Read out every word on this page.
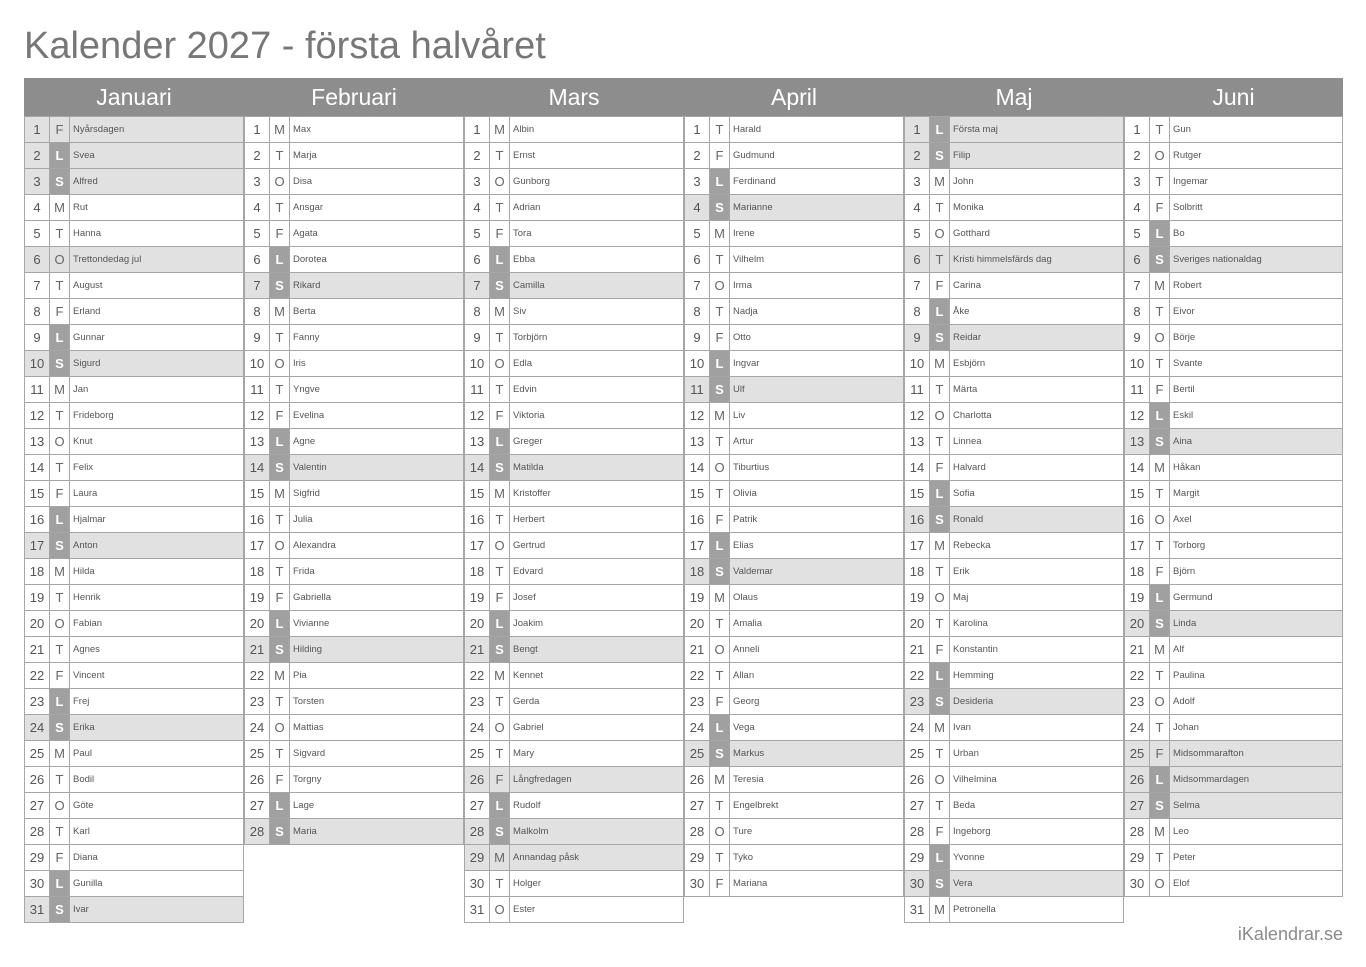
Kalender 2027 - första halvåret
Januari	Februari	Mars	April	Maj	Juni
1	F	Nyårsdagen
2	L	Svea
3	S Alfred
4	M Rut
5	T	Hanna
6	O Trettondedag jul
7	T	August
8	F	Erland
9	L	Gunnar
10 S Sigurd
11 M Jan
12 T	Frideborg
13 O Knut
14 T	Felix
15 F	Laura
16 L	Hjalmar
17 S Anton
18 M Hilda
19 T	Henrik
20 O Fabian
21 T	Agnes
22 F	Vincent
23 L	Frej
24 S Erika
25 M Paul
26 T	Bodil
27 O Göte
28 T	Karl
29 F	Diana
30 L	Gunilla
31 S Ivar
1	M Max
2	T	Marja
3	O Disa
4	T	Ansgar
5	F	Agata
6	L	Dorotea
7	S Rikard
8	M Berta
9	T	Fanny
10 O Iris
11 T	Yngve
12 F	Evelina
13 L	Agne
14 S Valentin
15 M Sigfrid
16 T	Julia
17 O Alexandra
18 T	Frida
19 F	Gabriella
20 L	Vivianne
21 S Hilding
22 M Pia
23 T	Torsten
24 O Mattias
25 T	Sigvard
26 F	Torgny
27 L	Lage
28 S Maria
1	M Albin
2	T	Ernst
3	O Gunborg
4	T	Adrian
5	F	Tora
6	L	Ebba
7	S Camilla
8	M Siv
9	T	Torbjörn
10 O Edla
11 T	Edvin
12 F	Viktoria
13 L	Greger
14 S Matilda
15 M Kristoffer
16 T	Herbert
17 O Gertrud
18 T	Edvard
19 F	Josef
20 L	Joakim
21 S Bengt
22 M Kennet
23 T	Gerda
24 O Gabriel
25 T	Mary
26 F	Långfredagen
27 L	Rudolf
28 S Malkolm
29 M Annandag påsk
30 T	Holger
31 O Ester
1	T	Harald
2	F	Gudmund
3	L	Ferdinand
4	S Marianne
5	M Irene
6	T	Vilhelm
7	O Irma
8	T	Nadja
9	F	Otto
10 L	Ingvar
11 S Ulf
12 M Liv
13 T	Artur
14 O Tiburtius
15 T	Olivia
16 F	Patrik
17 L	Elias
18 S Valdemar
19 M Olaus
20 T	Amalia
21 O Anneli
22 T	Allan
23 F	Georg
24 L	Vega
25 S Markus
26 M Teresia
27 T	Engelbrekt
28 O Ture
29 T	Tyko
30 F	Mariana
1	L	Första maj
2	S Filip
3	M John
4	T	Monika
5	O Gotthard
6	T	Kristi himmelsfärds dag
7	F	Carina
8	L	Åke
9	S Reidar
10 M Esbjörn
11 T	Märta
12 O Charlotta
13 T	Linnea
14 F	Halvard
15 L	Sofia
16 S Ronald
17 M Rebecka
18 T	Erik
19 O Maj
20 T	Karolina
21 F	Konstantin
22 L	Hemming
23 S Desideria
24 M Ivan
25 T	Urban
26 O Vilhelmina
27 T	Beda
28 F	Ingeborg
29 L	Yvonne
30 S Vera
31 M Petronella
1	T	Gun
2	O Rutger
3	T	Ingemar
4	F	Solbritt
5	L	Bo
6	S Sveriges nationaldag
7	M Robert
8	T	Eivor
9	O Börje
10 T	Svante
11 F	Bertil
12 L	Eskil
13 S Aina
14 M Håkan
15 T	Margit
16 O Axel
17 T	Torborg
18 F	Björn
19 L	Germund
20 S Linda
21 M Alf
22 T	Paulina
23 O Adolf
24 T	Johan
25 F	Midsommarafton
26 L	Midsommardagen
27 S Selma
28 M Leo
29 T	Peter
30 O Elof
iKalendrar.se
